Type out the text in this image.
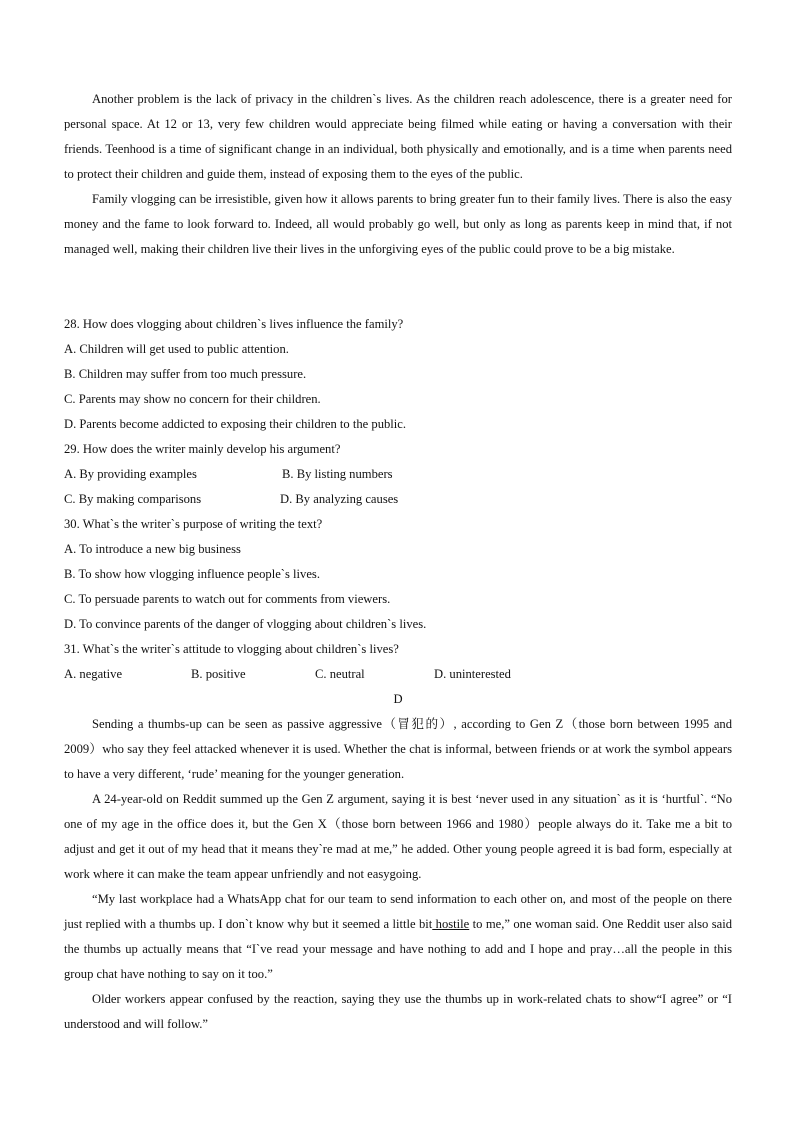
Another problem is the lack of privacy in the children`s lives. As the children reach adolescence, there is a greater need for personal space. At 12 or 13, very few children would appreciate being filmed while eating or having a conversation with their friends. Teenhood is a time of significant change in an individual, both physically and emotionally, and is a time when parents need to protect their children and guide them, instead of exposing them to the eyes of the public.

Family vlogging can be irresistible, given how it allows parents to bring greater fun to their family lives. There is also the easy money and the fame to look forward to. Indeed, all would probably go well, but only as long as parents keep in mind that, if not managed well, making their children live their lives in the unforgiving eyes of the public could prove to be a big mistake.

28. How does vlogging about children`s lives influence the family?

A. Children will get used to public attention.

B. Children may suffer from too much pressure.

C. Parents may show no concern for their children.

D. Parents become addicted to exposing their children to the public.

29. How does the writer mainly develop his argument?

A. By providing examples	B. By listing numbers
C. By making comparisons	D. By analyzing causes

30. What`s the writer`s purpose of writing the text?

A. To introduce a new big business

B. To show how vlogging influence people`s lives.

C. To persuade parents to watch out for comments from viewers.

D. To convince parents of the danger of vlogging about children`s lives.

31. What`s the writer`s attitude to vlogging about children`s lives?

A. negative	B. positive	C. neutral	D. uninterested

D

Sending a thumbs-up can be seen as passive aggressive（冒犯的）, according to Gen Z（those born between 1995 and 2009）who say they feel attacked whenever it is used. Whether the chat is informal, between friends or at work the symbol appears to have a very different, ‘rude’ meaning for the younger generation.

A 24-year-old on Reddit summed up the Gen Z argument, saying it is best ‘never used in any situation` as it is ‘hurtful`. “No one of my age in the office does it, but the Gen X（those born between 1966 and 1980）people always do it. Take me a bit to adjust and get it out of my head that it means they`re mad at me,” he added. Other young people agreed it is bad form, especially at work where it can make the team appear unfriendly and not easygoing.

“My last workplace had a WhatsApp chat for our team to send information to each other on, and most of the people on there just replied with a thumbs up. I don`t know why but it seemed a little bit hostile to me,” one woman said. One Reddit user also said the thumbs up actually means that “I`ve read your message and have nothing to add and I hope and pray…all the people in this group chat have nothing to say on it too.”

Older workers appear confused by the reaction, saying they use the thumbs up in work-related chats to show“I agree” or “I understood and will follow.”
